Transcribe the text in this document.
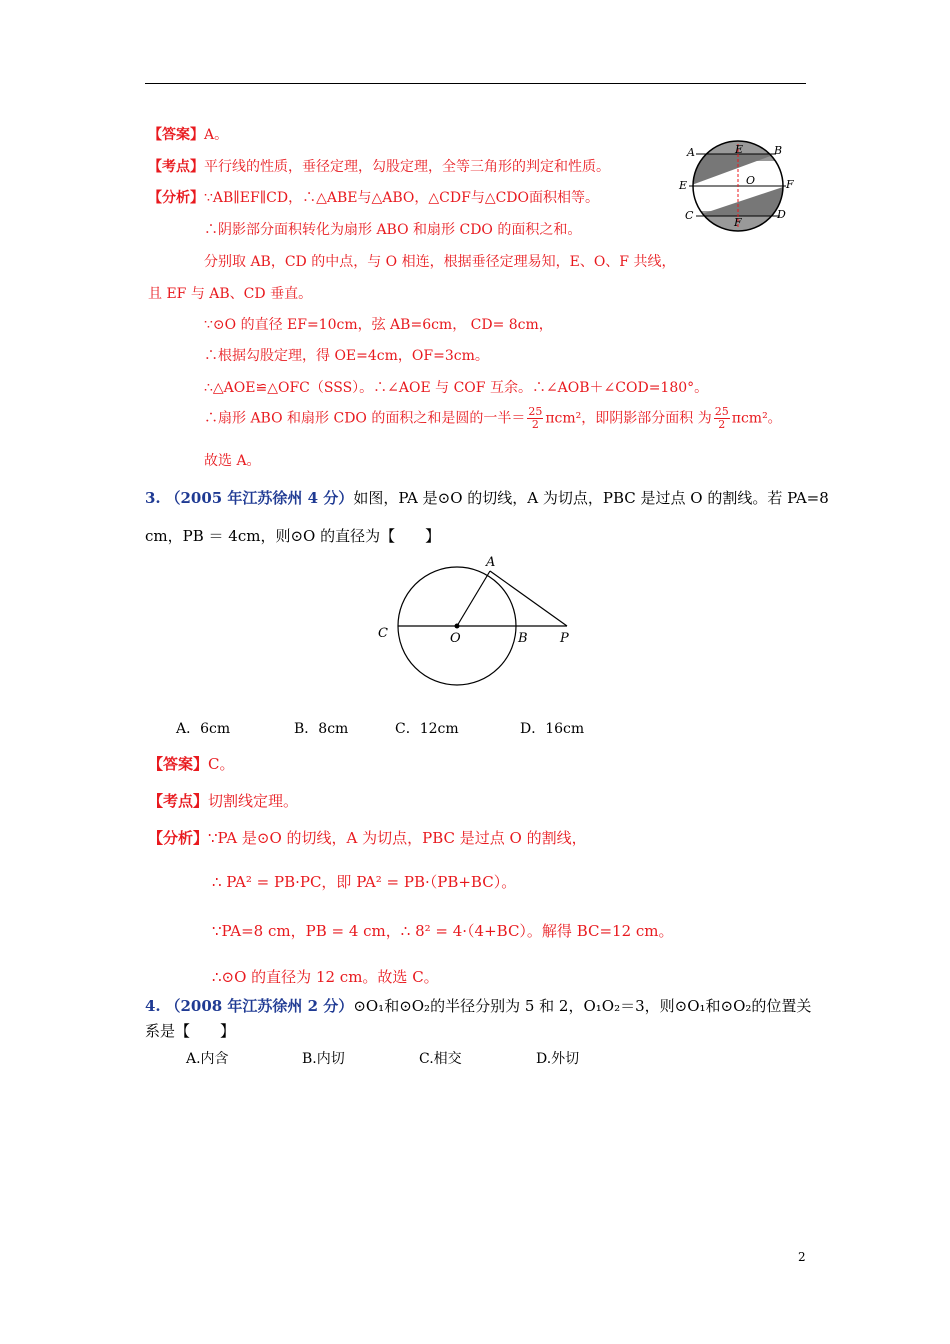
【答案】A。
【考点】平行线的性质，垂径定理，勾股定理，全等三角形的判定和性质。
【分析】∵AB∥EF∥CD，∴△ABE与△ABO，△CDF与△CDO面积相等。
∴阴影部分面积转化为扇形 ABO 和扇形 CDO 的面积之和。
分别取 AB，CD 的中点，与 O 相连，根据垂径定理易知，E、O、F 共线，
且 EF 与 AB、CD 垂直。
∵⊙O 的直径 EF=10cm，弦 AB=6cm， CD= 8cm，
∴根据勾股定理，得 OE=4cm，OF=3cm。
∴△AOE≌△OFC（SSS）。∴∠AOE 与 COF 互余。∴∠AOB＋∠COD=180°。
∴扇形 ABO 和扇形 CDO 的面积之和是圆的一半＝ $\frac{25}{2} \pi cm^2$，即阴影部分面积 为 $\frac{25}{2} \pi cm^2$。
故选 A。
A	B
E
E	O	F
C	D
F
3. （2005 年江苏徐州 4 分）如图，PA 是⊙O 的切线，A 为切点，PBC 是过点 O 的割线。若 PA=8
cm，PB ＝ 4cm，则⊙O 的直径为【　　】
A
C	O	B P
A．6cm	B．8cm	C．12cm	D．16cm
【答案】C。
【考点】切割线定理。
【分析】∵PA 是⊙O 的切线，A 为切点，PBC 是过点 O 的割线，
∴ PA² = PB·PC，即 PA² = PB·（PB+BC）。
∵PA=8 cm，PB = 4 cm，∴ 8² = 4·（4+BC）。解得 BC=12 cm。
∴⊙O 的直径为 12 cm。故选 C。
4. （2008 年江苏徐州 2 分）⊙O₁和⊙O₂的半径分别为 5 和 2，O₁O₂＝3，则⊙O₁和⊙O₂的位置关
系是【　　】
A.内含	B.内切	C.相交	D.外切
2
